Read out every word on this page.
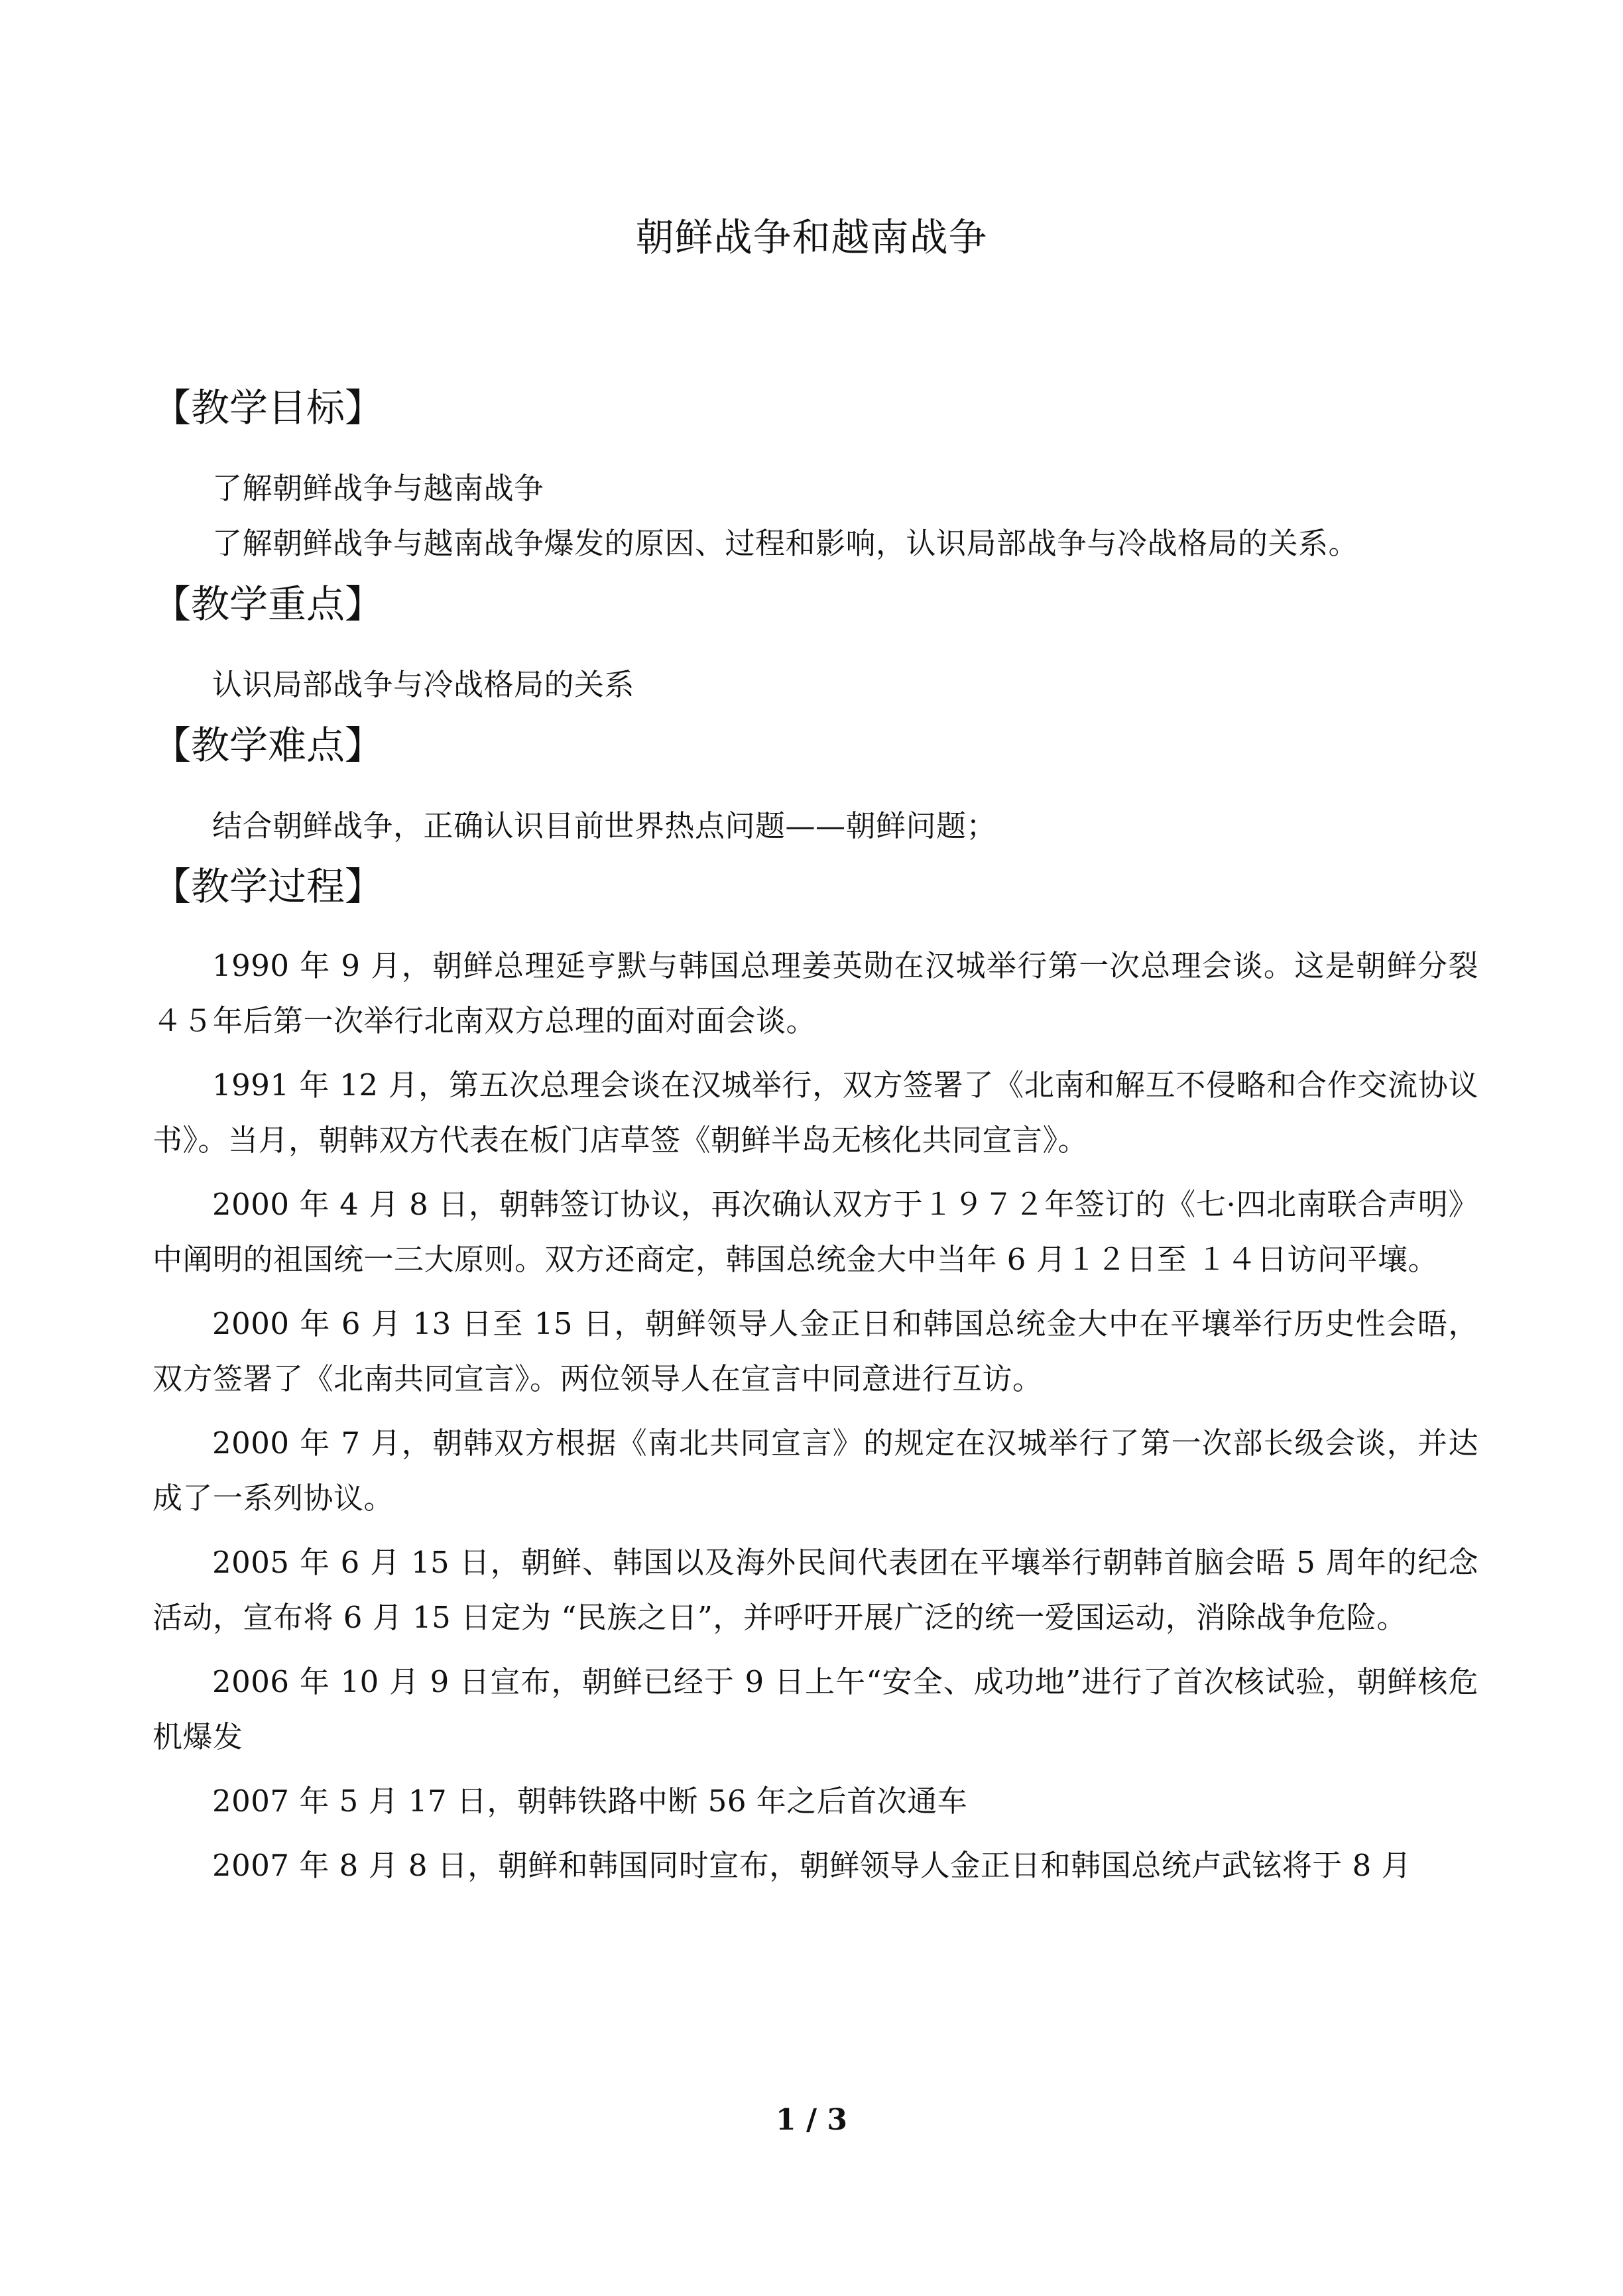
朝鲜战争和越南战争
【教学目标】

了解朝鲜战争与越南战争

了解朝鲜战争与越南战争爆发的原因、过程和影响，认识局部战争与冷战格局的关系。

【教学重点】

认识局部战争与冷战格局的关系

【教学难点】

结合朝鲜战争，正确认识目前世界热点问题——朝鲜问题；

【教学过程】

1990 年 9 月，朝鲜总理延亨默与韩国总理姜英勋在汉城举行第一次总理会谈。这是朝鲜分裂４５年后第一次举行北南双方总理的面对面会谈。

1991 年 12 月，第五次总理会谈在汉城举行，双方签署了《北南和解互不侵略和合作交流协议书》。当月，朝韩双方代表在板门店草签《朝鲜半岛无核化共同宣言》。

2000 年 4 月 8 日，朝韩签订协议，再次确认双方于１９７２年签订的《七·四北南联合声明》中阐明的祖国统一三大原则。双方还商定，韩国总统金大中当年 6 月１２日至 １４日访问平壤。

2000 年 6 月 13 日至 15 日，朝鲜领导人金正日和韩国总统金大中在平壤举行历史性会晤，双方签署了《北南共同宣言》。两位领导人在宣言中同意进行互访。

2000 年 7 月，朝韩双方根据《南北共同宣言》的规定在汉城举行了第一次部长级会谈，并达成了一系列协议。

2005 年 6 月 15 日，朝鲜、韩国以及海外民间代表团在平壤举行朝韩首脑会晤 5 周年的纪念活动，宣布将 6 月 15 日定为 “民族之日”，并呼吁开展广泛的统一爱国运动，消除战争危险。

2006 年 10 月 9 日宣布，朝鲜已经于 9 日上午“安全、成功地”进行了首次核试验，朝鲜核危机爆发

2007 年 5 月 17 日，朝韩铁路中断 56 年之后首次通车

2007 年 8 月 8 日，朝鲜和韩国同时宣布，朝鲜领导人金正日和韩国总统卢武铉将于 8 月

1 / 3
